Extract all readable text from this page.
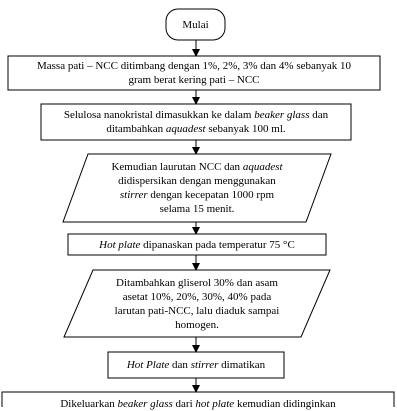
Mulai
Massa pati – NCC ditimbang dengan 1%, 2%, 3% dan 4% sebanyak 10
gram berat kering pati – NCC
Selulosa nanokristal dimasukkan ke dalam beaker glass dan
ditambahkan aquadest sebanyak 100 ml.
Kemudian laurutan NCC dan aquadest
didispersikan dengan menggunakan
stirrer dengan kecepatan 1000 rpm
selama 15 menit.
Hot plate dipanaskan pada temperatur 75 °C
Ditambahkan gliserol 30% dan asam
asetat 10%, 20%, 30%, 40% pada
larutan pati-NCC, lalu diaduk sampai
homogen.
Hot Plate dan stirrer dimatikan
Dikeluarkan beaker glass dari hot plate kemudian didinginkan
